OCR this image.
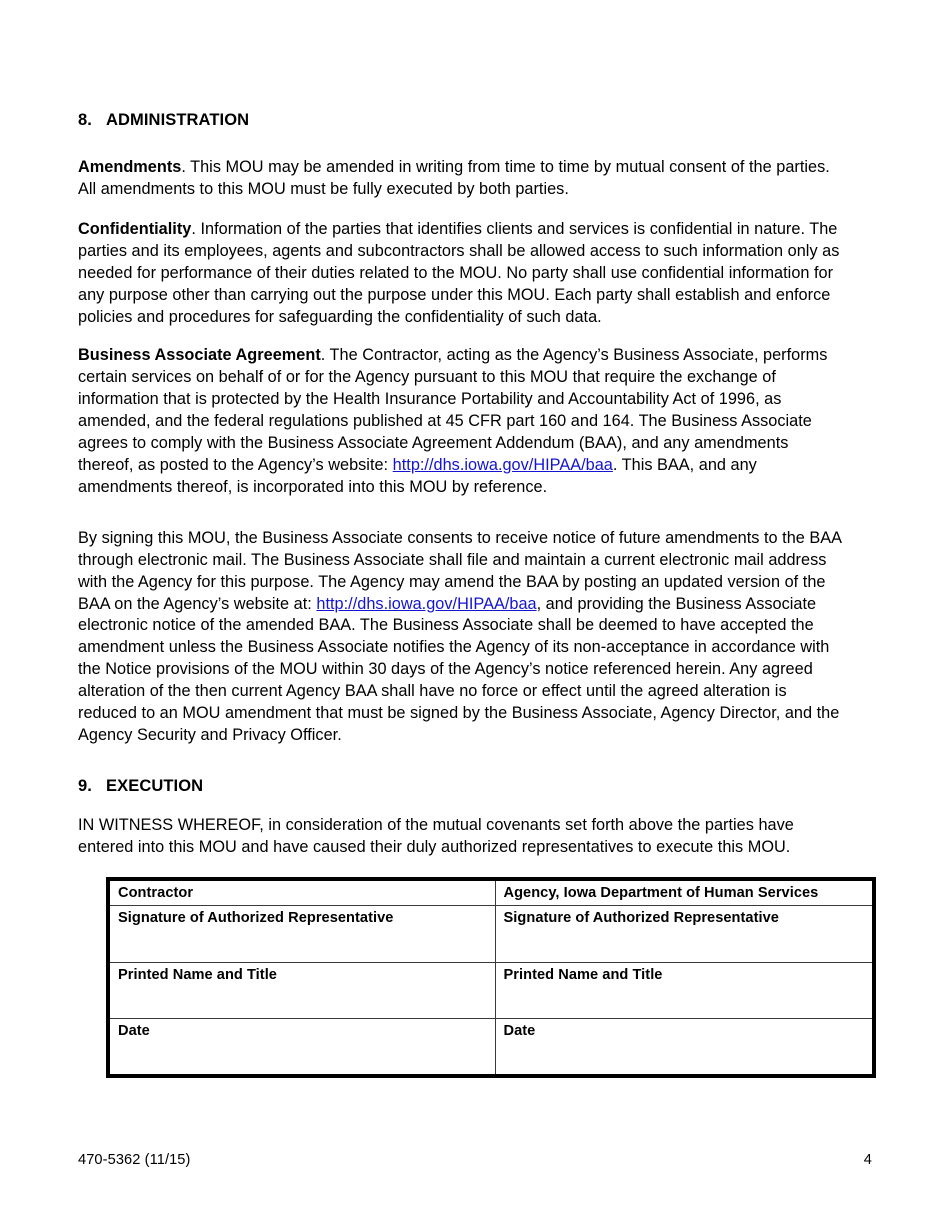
8. ADMINISTRATION

Amendments. This MOU may be amended in writing from time to time by mutual consent of the parties. All amendments to this MOU must be fully executed by both parties.

Confidentiality. Information of the parties that identifies clients and services is confidential in nature. The parties and its employees, agents and subcontractors shall be allowed access to such information only as needed for performance of their duties related to the MOU. No party shall use confidential information for any purpose other than carrying out the purpose under this MOU. Each party shall establish and enforce policies and procedures for safeguarding the confidentiality of such data.

Business Associate Agreement. The Contractor, acting as the Agency’s Business Associate, performs certain services on behalf of or for the Agency pursuant to this MOU that require the exchange of information that is protected by the Health Insurance Portability and Accountability Act of 1996, as amended, and the federal regulations published at 45 CFR part 160 and 164. The Business Associate agrees to comply with the Business Associate Agreement Addendum (BAA), and any amendments thereof, as posted to the Agency’s website: http://dhs.iowa.gov/HIPAA/baa. This BAA, and any amendments thereof, is incorporated into this MOU by reference.

By signing this MOU, the Business Associate consents to receive notice of future amendments to the BAA through electronic mail. The Business Associate shall file and maintain a current electronic mail address with the Agency for this purpose. The Agency may amend the BAA by posting an updated version of the BAA on the Agency’s website at: http://dhs.iowa.gov/HIPAA/baa, and providing the Business Associate electronic notice of the amended BAA. The Business Associate shall be deemed to have accepted the amendment unless the Business Associate notifies the Agency of its non-acceptance in accordance with the Notice provisions of the MOU within 30 days of the Agency’s notice referenced herein. Any agreed alteration of the then current Agency BAA shall have no force or effect until the agreed alteration is reduced to an MOU amendment that must be signed by the Business Associate, Agency Director, and the Agency Security and Privacy Officer.

9. EXECUTION

IN WITNESS WHEREOF, in consideration of the mutual covenants set forth above the parties have entered into this MOU and have caused their duly authorized representatives to execute this MOU.

Contractor	Agency, Iowa Department of Human Services
Signature of Authorized Representative	Signature of Authorized Representative
Printed Name and Title	Printed Name and Title
Date	Date
470-5362 (11/15)	4
